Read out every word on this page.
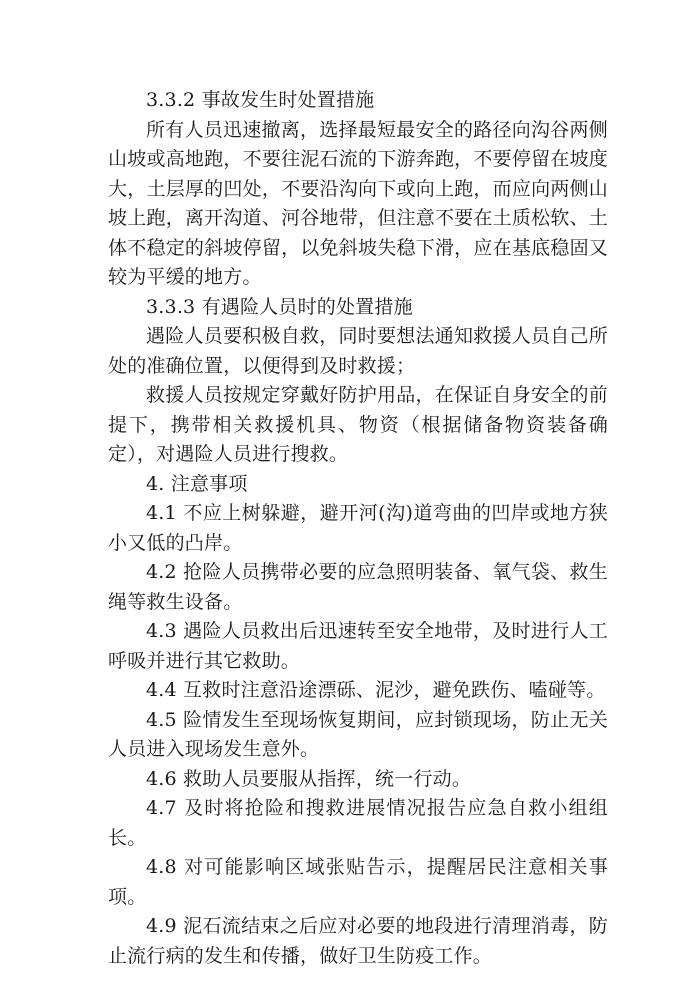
3.3.2 事故发生时处置措施

所有人员迅速撤离，选择最短最安全的路径向沟谷两侧山坡或高地跑，不要往泥石流的下游奔跑，不要停留在坡度大，土层厚的凹处，不要沿沟向下或向上跑，而应向两侧山坡上跑，离开沟道、河谷地带，但注意不要在土质松软、土体不稳定的斜坡停留，以免斜坡失稳下滑，应在基底稳固又较为平缓的地方。

3.3.3 有遇险人员时的处置措施

遇险人员要积极自救，同时要想法通知救援人员自己所处的准确位置，以便得到及时救援；

救援人员按规定穿戴好防护用品，在保证自身安全的前提下，携带相关救援机具、物资（根据储备物资装备确定），对遇险人员进行搜救。

4. 注意事项

4.1 不应上树躲避，避开河(沟)道弯曲的凹岸或地方狭小又低的凸岸。

4.2 抢险人员携带必要的应急照明装备、氧气袋、救生绳等救生设备。

4.3 遇险人员救出后迅速转至安全地带，及时进行人工呼吸并进行其它救助。

4.4 互救时注意沿途漂砾、泥沙，避免跌伤、嗑碰等。

4.5 险情发生至现场恢复期间，应封锁现场，防止无关人员进入现场发生意外。

4.6 救助人员要服从指挥，统一行动。

4.7 及时将抢险和搜救进展情况报告应急自救小组组长。

4.8 对可能影响区域张贴告示，提醒居民注意相关事项。

4.9 泥石流结束之后应对必要的地段进行清理消毒，防止流行病的发生和传播，做好卫生防疫工作。
